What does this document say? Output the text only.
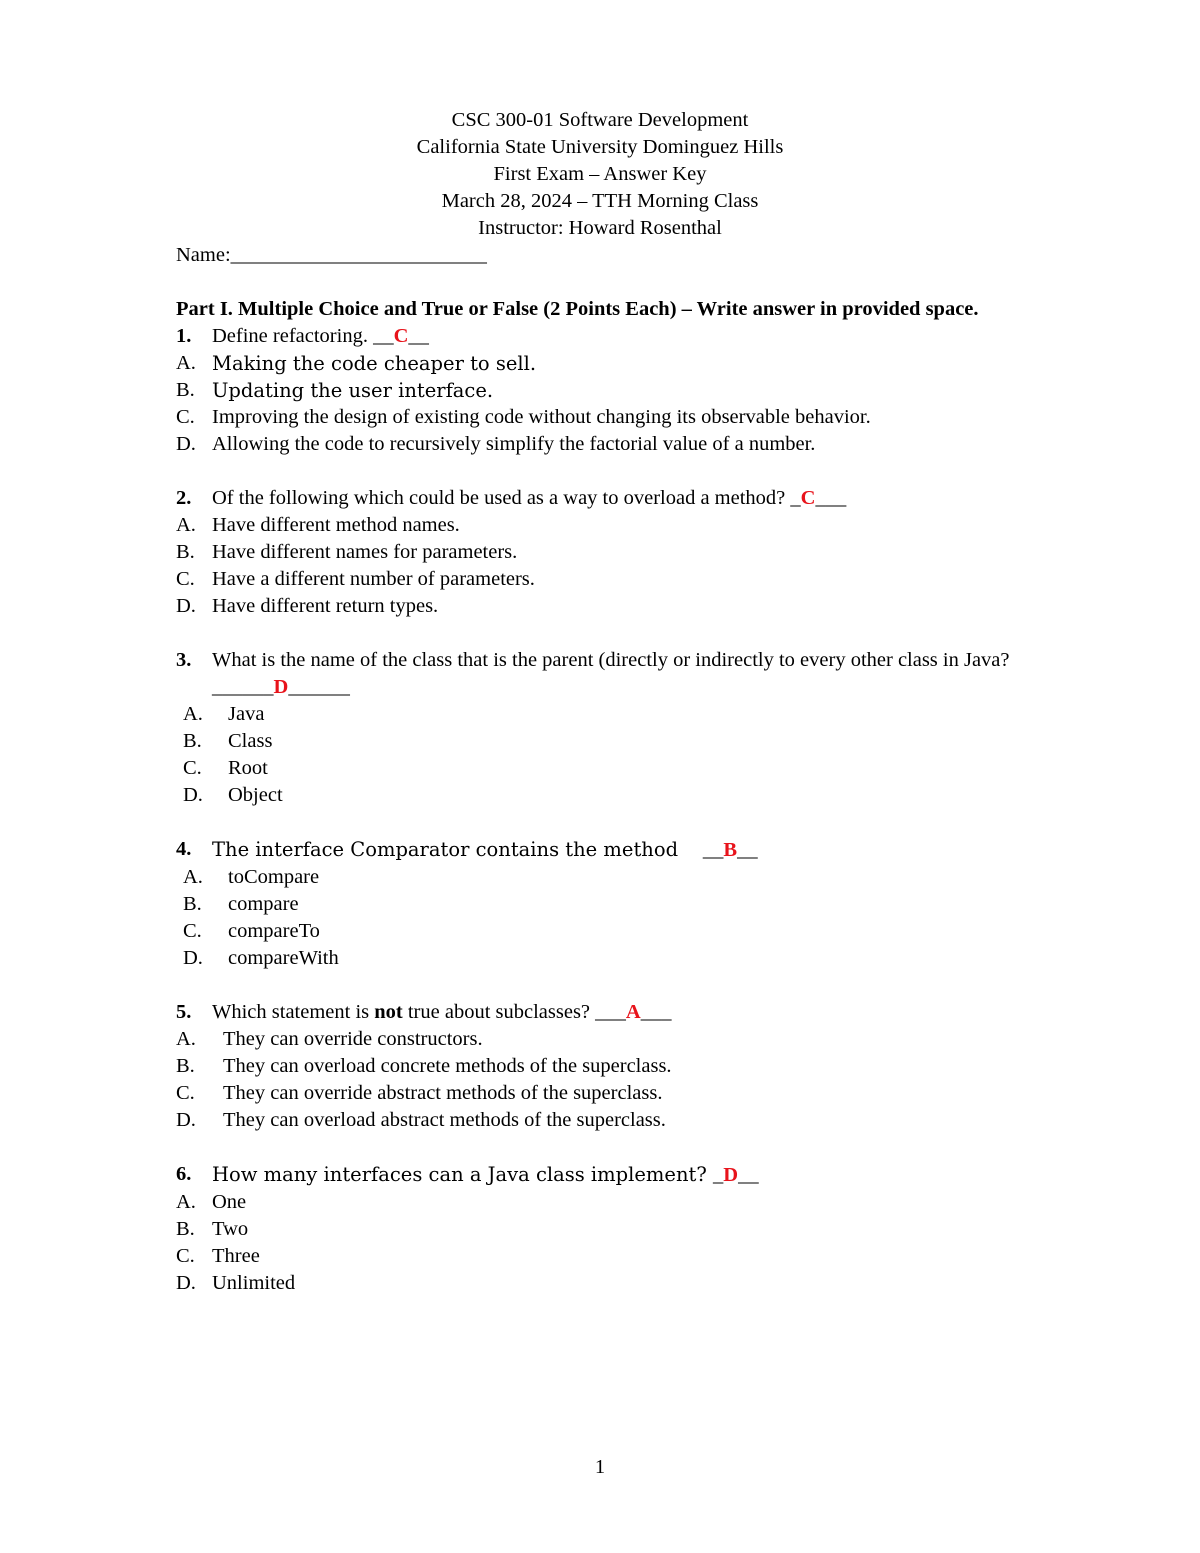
CSC 300-01 Software Development
California State University Dominguez Hills
First Exam – Answer Key
March 28, 2024 – TTH Morning Class
Instructor: Howard Rosenthal
Name:_________________________

Part I. Multiple Choice and True or False (2 Points Each) – Write answer in provided space.

1.	Define refactoring. __C__

A. Making the code cheaper to sell.
B. Updating the user interface.
C. Improving the design of existing code without changing its observable behavior.
D. Allowing the code to recursively simplify the factorial value of a number.

2.	Of the following which could be used as a way to overload a method? _C___

A. Have different method names.
B. Have different names for parameters.
C. Have a different number of parameters.
D. Have different return types.

3.	What is the name of the class that is the parent (directly or indirectly to every other class in Java? ______D______

A. Java
B. Class
C. Root
D. Object

4.	The interface Comparator contains the method    __B__

A. toCompare
B. compare
C. compareTo
D. compareWith

5.	Which statement is not true about subclasses? ___A___

A. They can override constructors.
B. They can overload concrete methods of the superclass.
C. They can override abstract methods of the superclass.
D. They can overload abstract methods of the superclass.

6.	How many interfaces can a Java class implement? _D__

A. One
B. Two
C. Three
D. Unlimited
1
